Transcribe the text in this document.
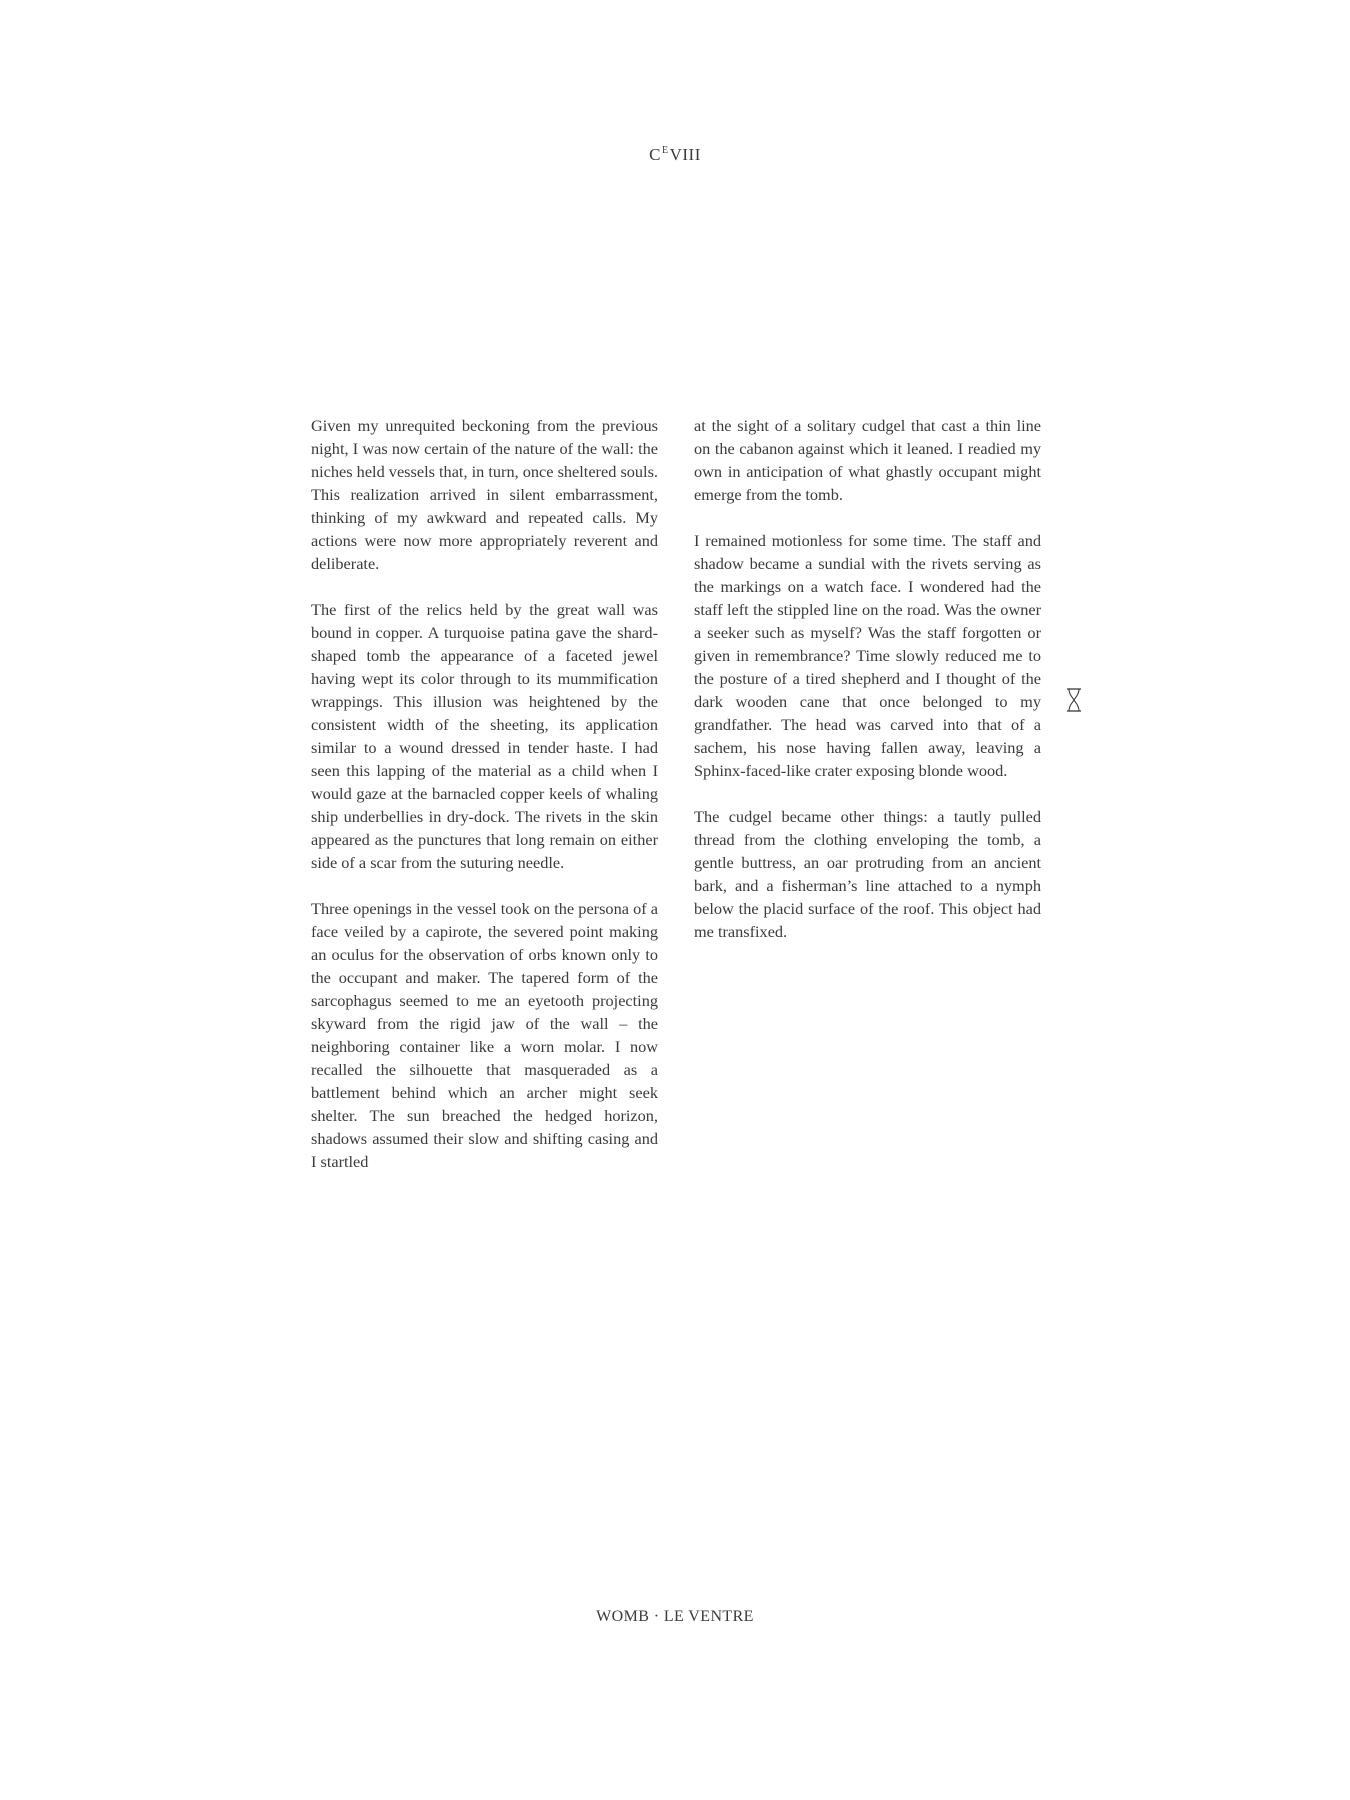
$C^EVIII$

Given my unrequited beckoning from the previous night, I was now certain of the nature of the wall: the niches held vessels that, in turn, once sheltered souls. This realization arrived in silent embarrassment, thinking of my awkward and repeated calls. My actions were now more appropriately reverent and deliberate.

The first of the relics held by the great wall was bound in copper. A turquoise patina gave the shard-shaped tomb the appearance of a faceted jewel having wept its color through to its mummification wrappings. This illusion was heightened by the consistent width of the sheeting, its application similar to a wound dressed in tender haste. I had seen this lapping of the material as a child when I would gaze at the barnacled copper keels of whaling ship underbellies in dry-dock. The rivets in the skin appeared as the punctures that long remain on either side of a scar from the suturing needle.

Three openings in the vessel took on the persona of a face veiled by a capirote, the severed point making an oculus for the observation of orbs known only to the occupant and maker. The tapered form of the sarcophagus seemed to me an eyetooth projecting skyward from the rigid jaw of the wall – the neighboring container like a worn molar. I now recalled the silhouette that masqueraded as a battlement behind which an archer might seek shelter. The sun breached the hedged horizon, shadows assumed their slow and shifting casing and I startled

at the sight of a solitary cudgel that cast a thin line on the cabanon against which it leaned. I readied my own in anticipation of what ghastly occupant might emerge from the tomb.

I remained motionless for some time. The staff and shadow became a sundial with the rivets serving as the markings on a watch face. I wondered had the staff left the stippled line on the road. Was the owner a seeker such as myself? Was the staff forgotten or given in remembrance? Time slowly reduced me to the posture of a tired shepherd and I thought of the dark wooden cane that once belonged to my grandfather. The head was carved into that of a sachem, his nose having fallen away, leaving a Sphinx-faced-like crater exposing blonde wood.

The cudgel became other things: a tautly pulled thread from the clothing enveloping the tomb, a gentle buttress, an oar protruding from an ancient bark, and a fisherman’s line attached to a nymph below the placid surface of the roof. This object had me transfixed.

WOMB · LE VENTRE
